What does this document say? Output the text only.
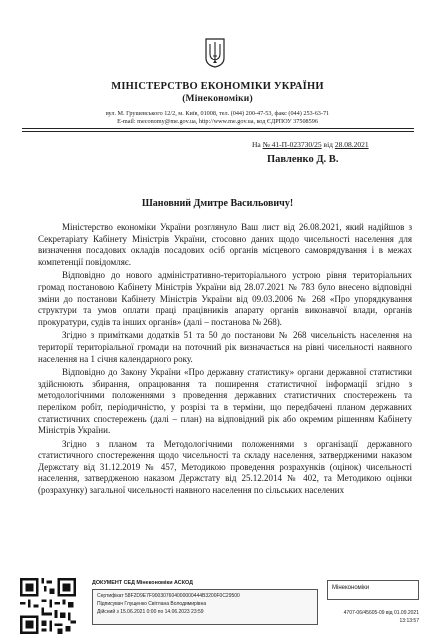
МІНІСТЕРСТВО ЕКОНОМІКИ УКРАЇНИ
(Мінекономіки)
вул. М. Грушевського 12/2, м. Київ, 01008, тел. (044) 200-47-53, факс (044) 253-63-71
E-mail: meconomy@me.gov.ua, http://www.me.gov.ua, код ЄДРПОУ 37508596
На № 41-П-023730/25 від 28.08.2021
Павленко Д. В.
Шановний Дмитре Васильовичу!

Міністерство економіки України розглянуло Ваш лист від 26.08.2021, який надійшов з Секретаріату Кабінету Міністрів України, стосовно даних щодо чисельності населення для визначення посадових окладів посадових осіб органів місцевого самоврядування і в межах компетенції повідомляє.

Відповідно до нового адміністративно-територіального устрою рівня територіальних громад постановою Кабінету Міністрів України від 28.07.2021 № 783 було внесено відповідні зміни до постанови Кабінету Міністрів України від 09.03.2006 № 268 «Про упорядкування структури та умов оплати праці працівників апарату органів виконавчої влади, органів прокуратури, судів та інших органів» (далі – постанова № 268).

Згідно з примітками додатків 51 та 50 до постанови № 268 чисельність населення на території територіальної громади на поточний рік визначається на рівні чисельності наявного населення на 1 січня календарного року.

Відповідно до Закону України «Про державну статистику» органи державної статистики здійснюють збирання, опрацювання та поширення статистичної інформації згідно з методологічними положеннями з проведення державних статистичних спостережень та переліком робіт, періодичністю, у розрізі та в терміни, що передбачені планом державних статистичних спостережень (далі – план) на відповідний рік або окремим рішенням Кабінету Міністрів України.

Згідно з планом та Методологічними положеннями з організації державного статистичного спостереження щодо чисельності та складу населення, затвердженими наказом Держстату від 31.12.2019 № 457, Методикою проведення розрахунків (оцінок) чисельності населення, затвердженою наказом Держстату від 25.12.2014 № 402, та Методикою оцінки (розрахунку) загальної чисельності наявного населення по сільських населених

ДОКУМЕНТ СЕД Мінекономіки АСКОД
Сертифікат 58F2D9E7F900307604000000444B3200F0C29500
Підписувач Глущенко Світлана Володимирівна
Дійсний з 15.06.2021 0:00 по 14.06.2023 23:59
Мінекономіки
4707-06/45605-09 від 01.09.2021
13:13:57
